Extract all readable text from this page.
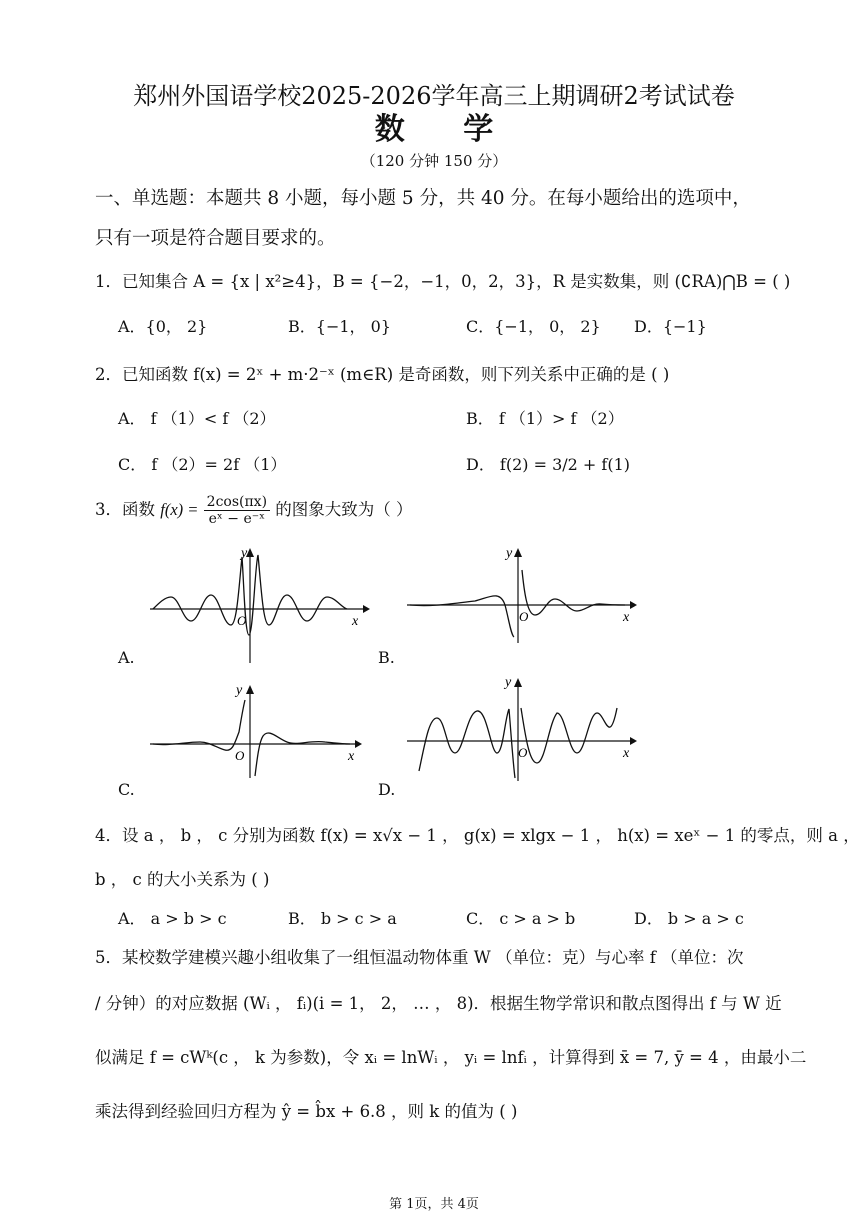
郑州外国语学校2025-2026学年高三上期调研2考试试卷
数 学
（120 分钟 150 分）
一、单选题：本题共 8 小题，每小题 5 分，共 40 分。在每小题给出的选项中，
只有一项是符合题目要求的。
1．已知集合 A = {x | x²≥4}，B = {−2，−1，0，2，3}，R 是实数集，则 (∁RA)⋂B = ( )
A．{0， 2}	B．{−1， 0}	C．{−1， 0， 2} D．{−1}
2．已知函数 f(x) = 2ˣ + m·2⁻ˣ (m∈R) 是奇函数，则下列关系中正确的是 ( )
A． f （1）< f （2）	B． f （1）> f （2）
C． f （2）= 2f （1）	D． f(2) = 3/2 + f(1)
3．函数 $f(x) = \frac{2\cos(\pi x)}{\text{eˣ − e⁻ˣ}}$ 的图象大致为（ ）
y
x
O
A.
y
x
O
B.
y
x
O
C.
y
x
O
D.
4．设 a ， b ， c 分别为函数 f(x) = x√x − 1 ， g(x) = xlgx − 1 ， h(x) = xeˣ − 1 的零点，则 a ，
b ， c 的大小关系为 ( )
A． a > b > c	B． b > c > a	C． c > a > b	D． b > a > c
5．某校数学建模兴趣小组收集了一组恒温动物体重 W （单位：克）与心率 f （单位：次
/ 分钟）的对应数据 (Wᵢ ， fᵢ)(i = 1， 2， … ， 8)．根据生物学常识和散点图得出 f 与 W 近
似满足 f = cWᵏ(c ， k 为参数)，令 xᵢ = lnWᵢ ， yᵢ = lnfᵢ ，计算得到 x̄ = 7, ȳ = 4 ，由最小二
乘法得到经验回归方程为 ŷ = b̂x + 6.8 ，则 k 的值为 ( )
第 1页，共 4页
